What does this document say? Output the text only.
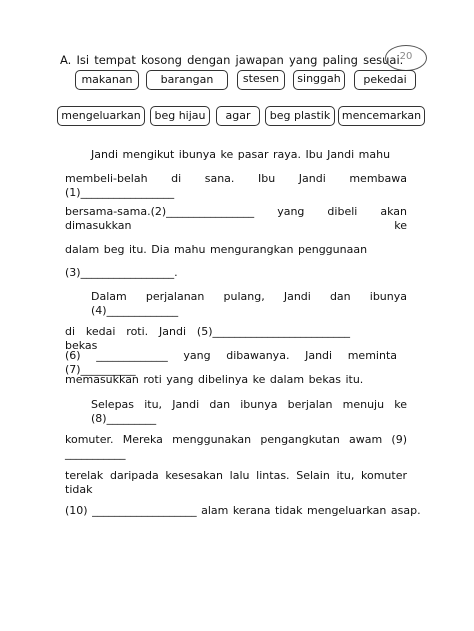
A. Isi tempat kosong dengan jawapan yang paling sesuai.
20
makanan	barangan	stesen	singgah	pekedai
mengeluarkan	beg hijau	agar	beg plastik	mencemarkan
Jandi mengikut ibunya ke pasar raya. Ibu Jandi mahu
membeli-belah di sana. Ibu Jandi membawa (1)_________________
bersama-sama.(2)________________ yang dibeli akan dimasukkan ke
dalam beg itu. Dia mahu mengurangkan penggunaan
(3)_________________.
Dalam perjalanan pulang, Jandi dan ibunya (4)_____________
di kedai roti. Jandi (5)_________________________ bekas
(6) _____________ yang dibawanya. Jandi meminta (7)__________
memasukkan roti yang dibelinya ke dalam bekas itu.
Selepas itu, Jandi dan ibunya berjalan menuju ke (8)_________
komuter. Mereka menggunakan pengangkutan awam (9) ___________
terelak daripada kesesakan lalu lintas. Selain itu, komuter tidak
(10) ___________________ alam kerana tidak mengeluarkan asap.
